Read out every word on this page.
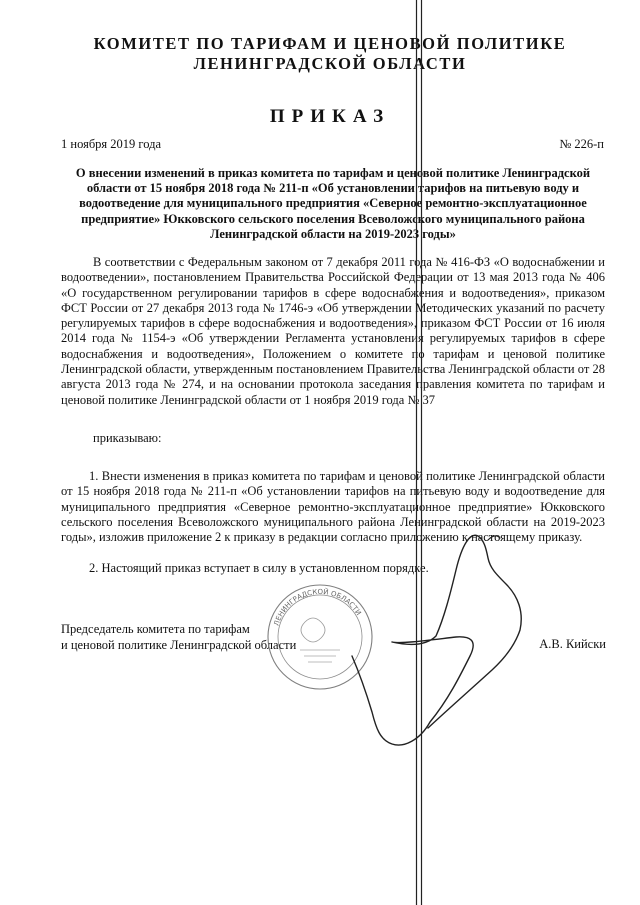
КОМИТЕТ ПО ТАРИФАМ И ЦЕНОВОЙ ПОЛИТИКЕ
ЛЕНИНГРАДСКОЙ ОБЛАСТИ
ПРИКАЗ
1 ноября 2019 года	№ 226-п
О внесении изменений в приказ комитета по тарифам и ценовой политике Ленинградской области от 15 ноября 2018 года № 211-п «Об установлении тарифов на питьевую воду и водоотведение для муниципального предприятия «Северное ремонтно-эксплуатационное предприятие» Юкковского сельского поселения Всеволожского муниципального района Ленинградской области на 2019-2023 годы»
В соответствии с Федеральным законом от 7 декабря 2011 года № 416-ФЗ «О водоснабжении и водоотведении», постановлением Правительства Российской Федерации от 13 мая 2013 года № 406 «О государственном регулировании тарифов в сфере водоснабжения и водоотведения», приказом ФСТ России от 27 декабря 2013 года № 1746-э «Об утверждении Методических указаний по расчету регулируемых тарифов в сфере водоснабжения и водоотведения», приказом ФСТ России от 16 июля 2014 года № 1154-э «Об утверждении Регламента установления регулируемых тарифов в сфере водоснабжения и водоотведения», Положением о комитете по тарифам и ценовой политике Ленинградской области, утвержденным постановлением Правительства Ленинградской области от 28 августа 2013 года № 274, и на основании протокола заседания правления комитета по тарифам и ценовой политике Ленинградской области от 1 ноября 2019 года № 37
приказываю:
1. Внести изменения в приказ комитета по тарифам и ценовой политике Ленинградской области от 15 ноября 2018 года № 211-п «Об установлении тарифов на питьевую воду и водоотведение для муниципального предприятия «Северное ремонтно-эксплуатационное предприятие» Юкковского сельского поселения Всеволожского муниципального района Ленинградской области на 2019-2023 годы», изложив приложение 2 к приказу в редакции согласно приложению к настоящему приказу.
2. Настоящий приказ вступает в силу в установленном порядке.
Председатель комитета по тарифам
и ценовой политике Ленинградской области	А.В. Кийски
ЛЕНИНГРАДСКОЙ ОБЛАСТИ
